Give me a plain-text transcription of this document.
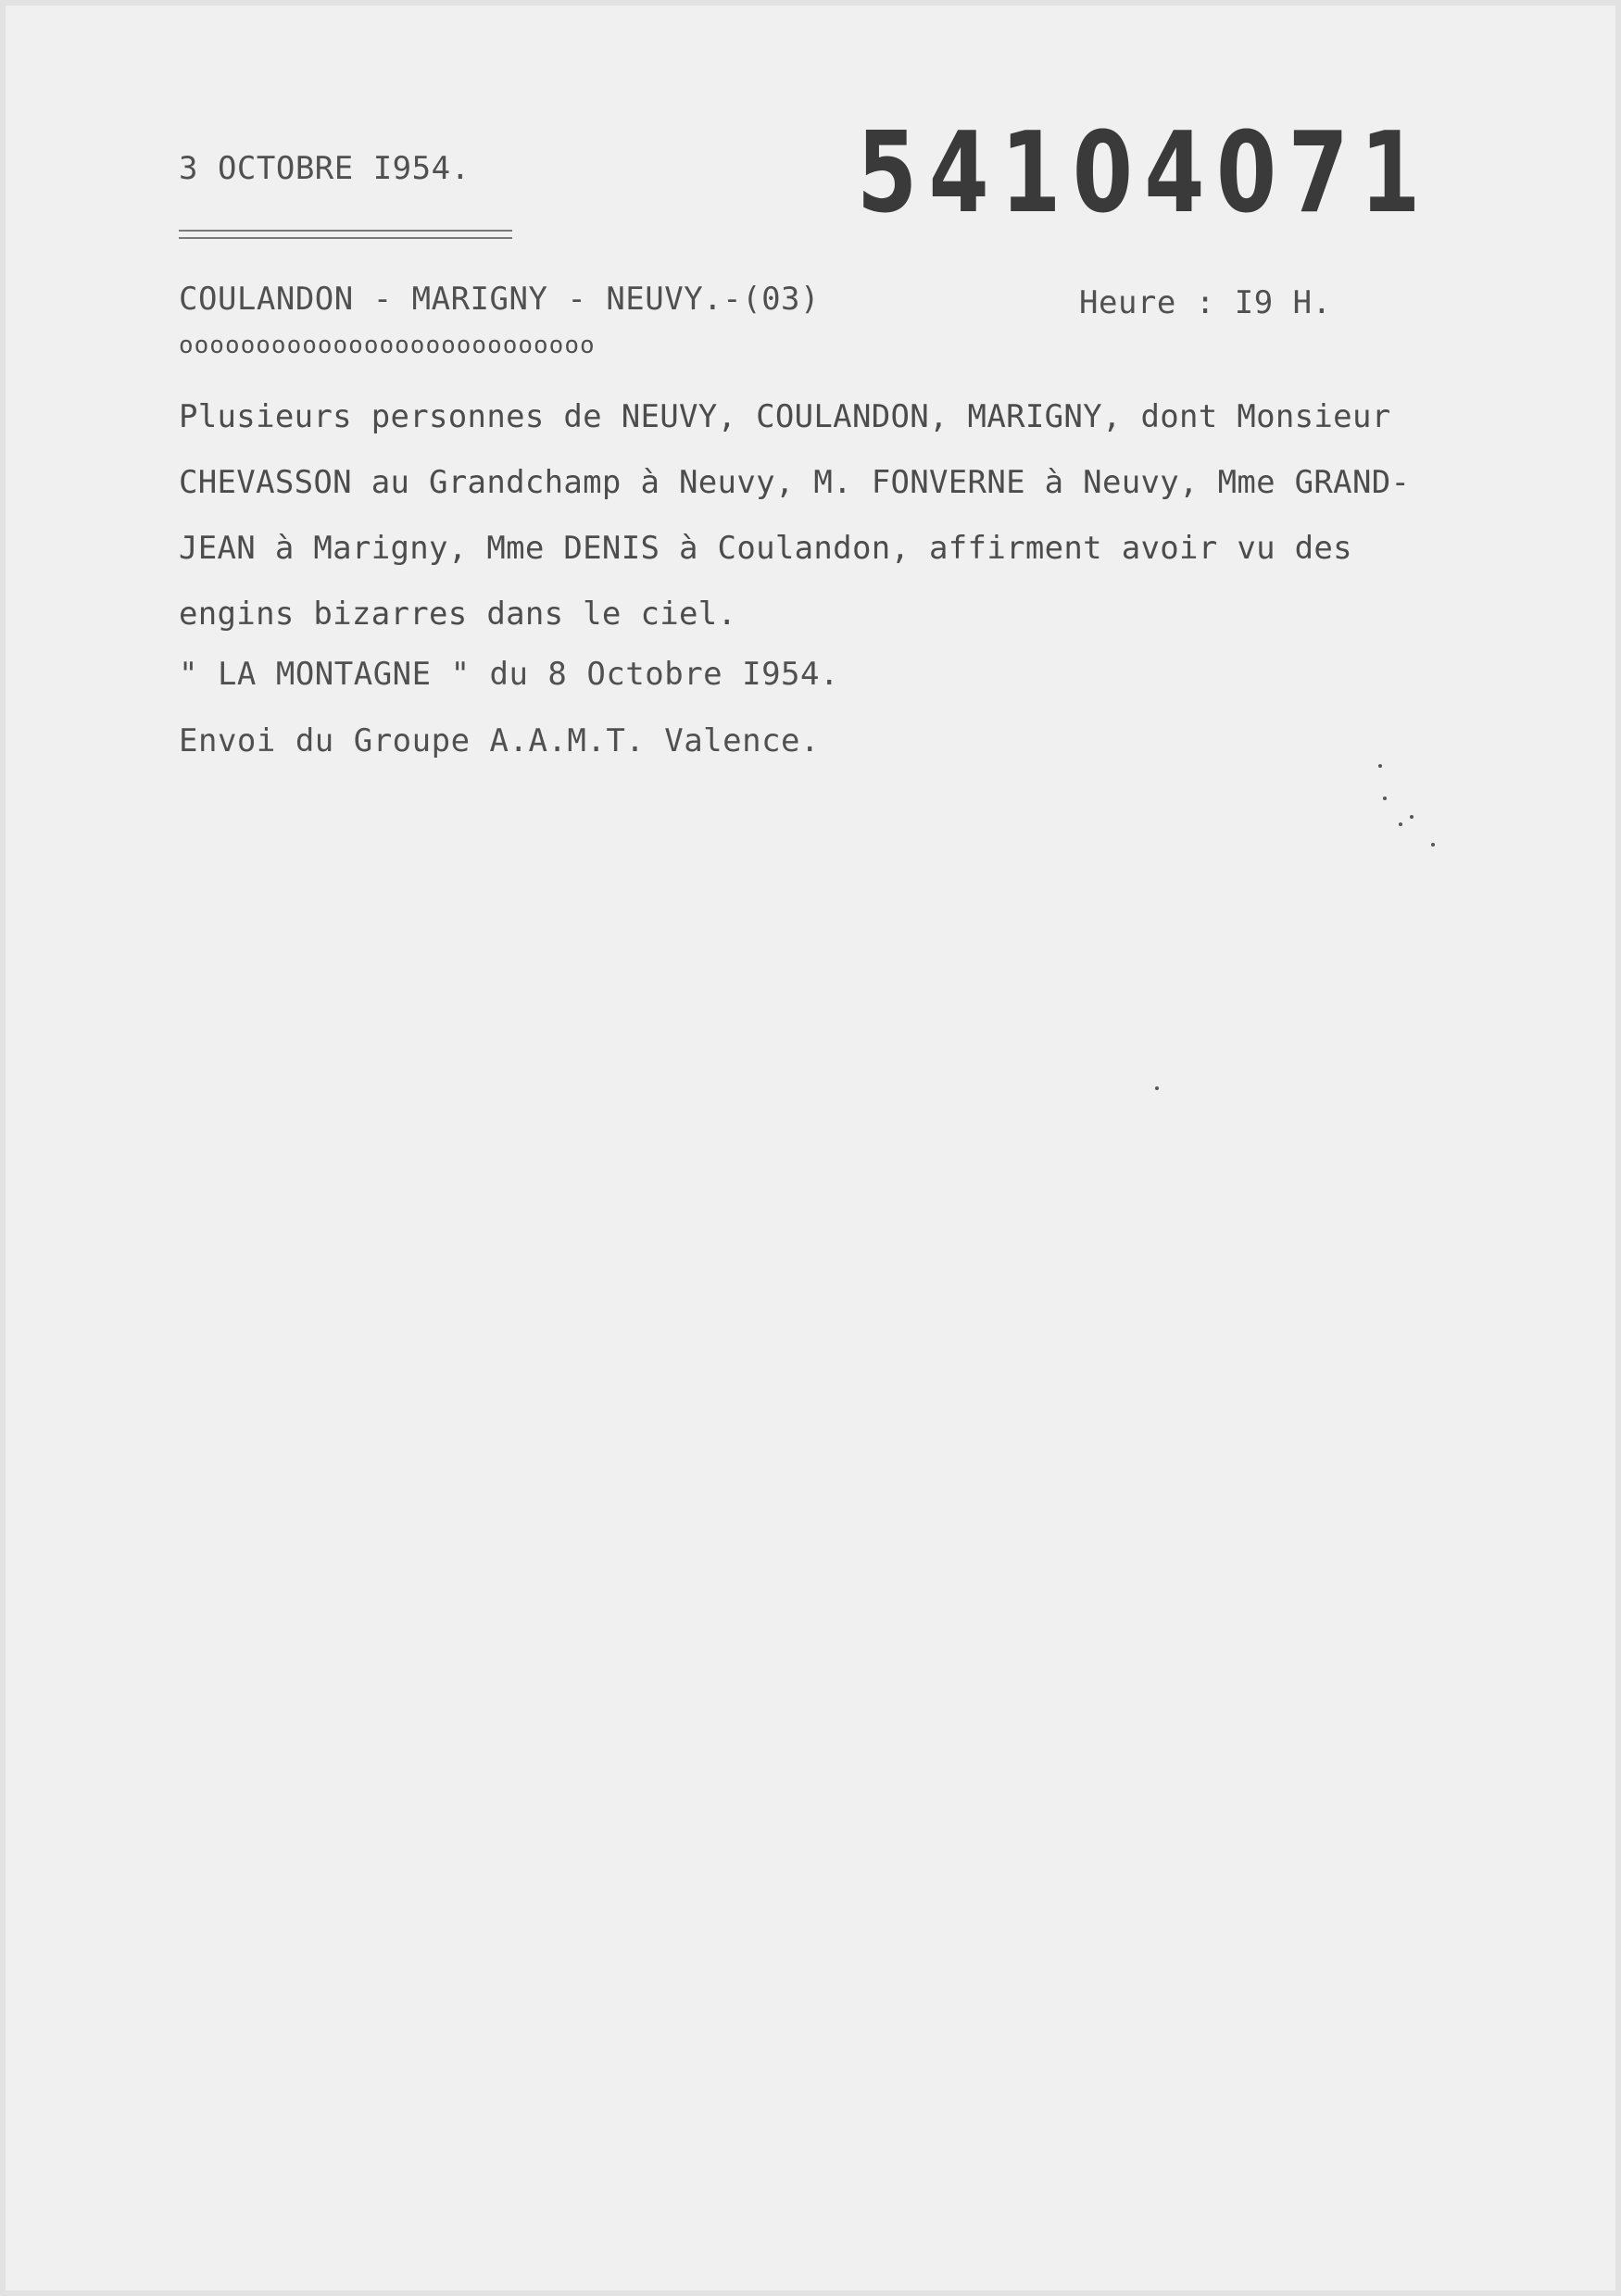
3 OCTOBRE I954.	54104071
COULANDON - MARIGNY - NEUVY.-(03)	Heure : I9 H.
ooooooooooooooooooooooooooo
Plusieurs personnes de NEUVY, COULANDON, MARIGNY, dont Monsieur
CHEVASSON au Grandchamp à Neuvy, M. FONVERNE à Neuvy, Mme GRAND-
JEAN à Marigny, Mme DENIS à Coulandon, affirment avoir vu des
engins bizarres dans le ciel.
" LA MONTAGNE " du 8 Octobre I954.
Envoi du Groupe A.A.M.T. Valence.
